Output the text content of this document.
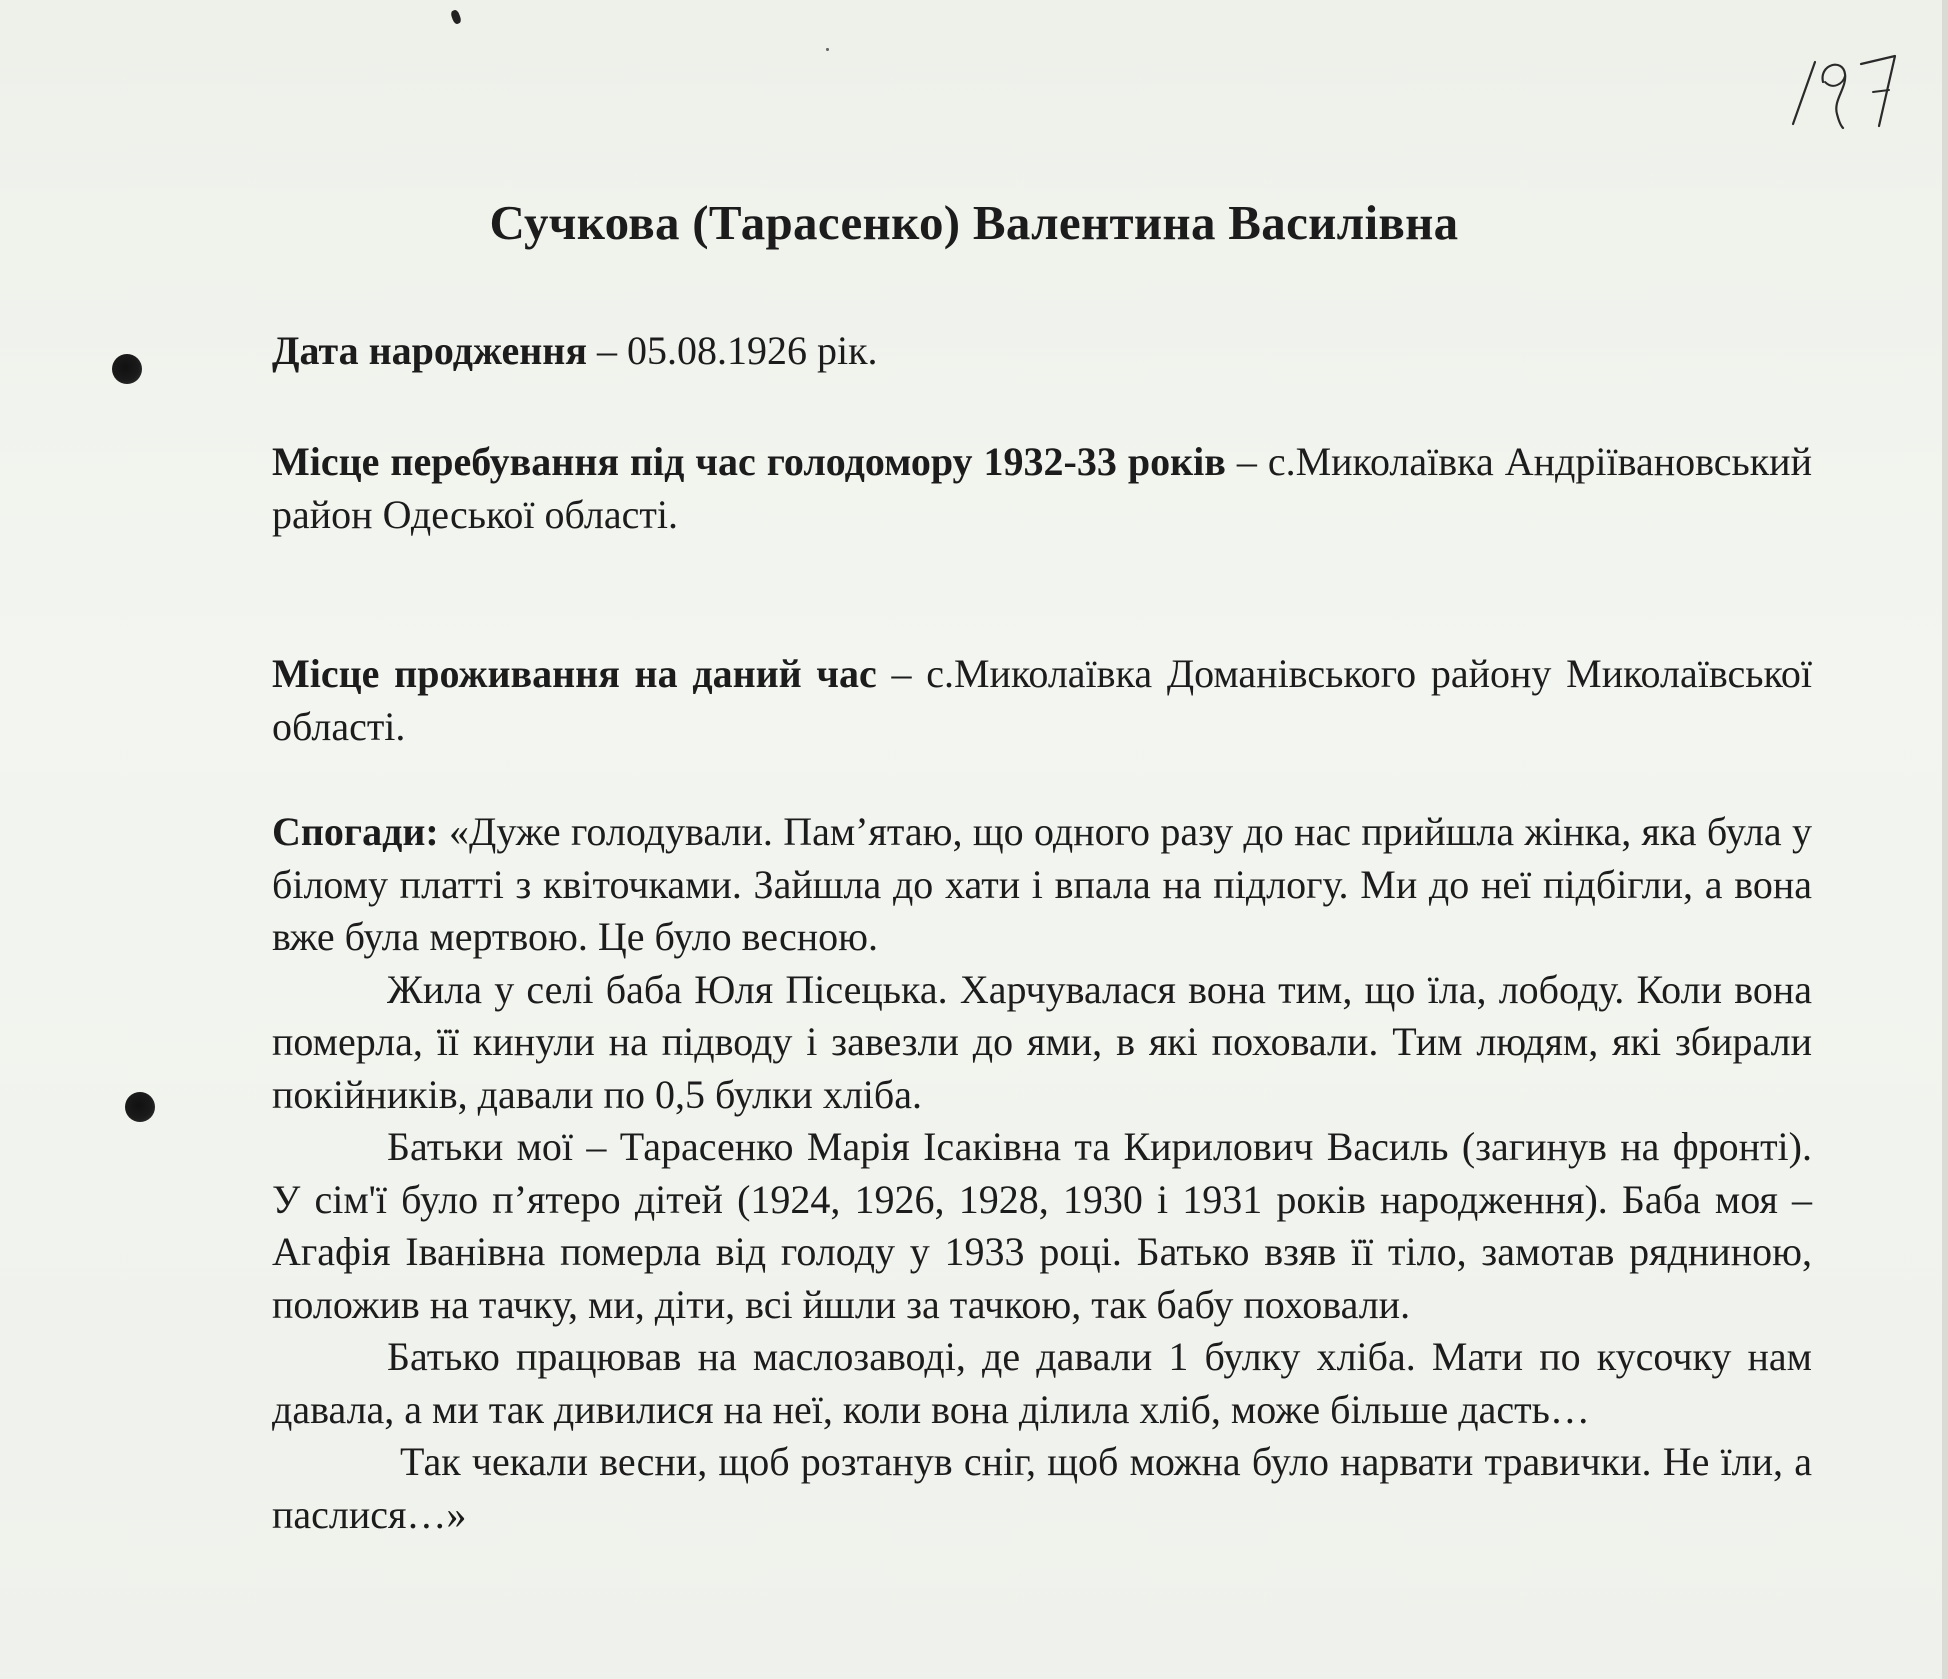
Сучкова (Тарасенко) Валентина Василівна
Дата народження – 05.08.1926 рік.

Місце перебування під час голодомору 1932-33 років – с.Миколаївка Андріївановський район Одеської області.

Місце проживання на даний час – с.Миколаївка Доманівського району Миколаївської області.

Спогади: «Дуже голодували. Пам’ятаю, що одного разу до нас прийшла жінка, яка була у білому платті з квіточками. Зайшла до хати і впала на підлогу. Ми до неї підбігли, а вона вже була мертвою. Це було весною.

Жила у селі баба Юля Пісецька. Харчувалася вона тим, що їла, лободу. Коли вона померла, її кинули на підводу і завезли до ями, в які поховали. Тим людям, які збирали покійників, давали по 0,5 булки хліба.

Батьки мої – Тарасенко Марія Ісаківна та Кирилович Василь (загинув на фронті). У сім'ї було п’ятеро дітей (1924, 1926, 1928, 1930 і 1931 років народження). Баба моя – Агафія Іванівна померла від голоду у 1933 році. Батько взяв її тіло, замотав рядниною, положив на тачку, ми, діти, всі йшли за тачкою, так бабу поховали.

Батько працював на маслозаводі, де давали 1 булку хліба. Мати по кусочку нам давала, а ми так дивилися на неї, коли вона ділила хліб, може більше дасть…

Так чекали весни, щоб розтанув сніг, щоб можна було нарвати травички. Не їли, а паслися…»
